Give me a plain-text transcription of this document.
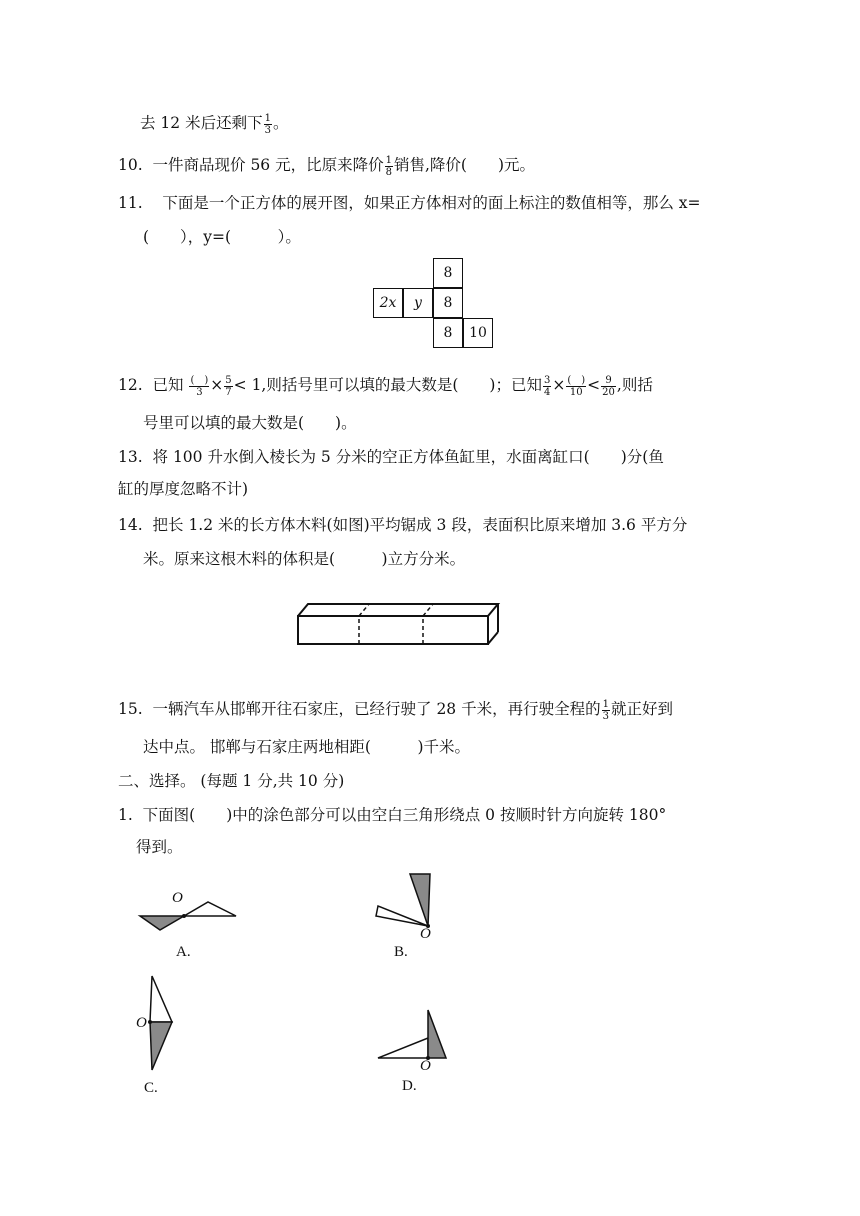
去 12 米后还剩下 $\frac{1}{3}$ 。
10. 一件商品现价 56 元，比原来降价 $\frac{1}{8}$ 销售,降价(　　)元。
11. 下面是一个正方体的展开图，如果正方体相对的面上标注的数值相等，那么 x=
(　　），y=(　　　）。
8
2x	y	8
8	10
12. 已知 $\frac{( )}{3} \times \frac{5}{7} < 1$,则括号里可以填的最大数是(　　)；已知 $\frac{3}{4} \times \frac{( )}{10} < \frac{9}{20}$ ,则括
号里可以填的最大数是(　　)。
13. 将 100 升水倒入棱长为 5 分米的空正方体鱼缸里，水面离缸口(　　)分(鱼
缸的厚度忽略不计)
14. 把长 1.2 米的长方体木料(如图)平均锯成 3 段，表面积比原来增加 3.6 平方分
米。原来这根木料的体积是(　　　)立方分米。
15. 一辆汽车从邯郸开往石家庄，已经行驶了 28 千米，再行驶全程的 $\frac{1}{3}$ 就正好到
达中点。 邯郸与石家庄两地相距(　　　)千米。
二、选择。 (每题 1 分,共 10 分)
1. 下面图(　　)中的涂色部分可以由空白三角形绕点 0 按顺时针方向旋转 180°
得到。
O
A.
O
B.
O
C.
O
D.
